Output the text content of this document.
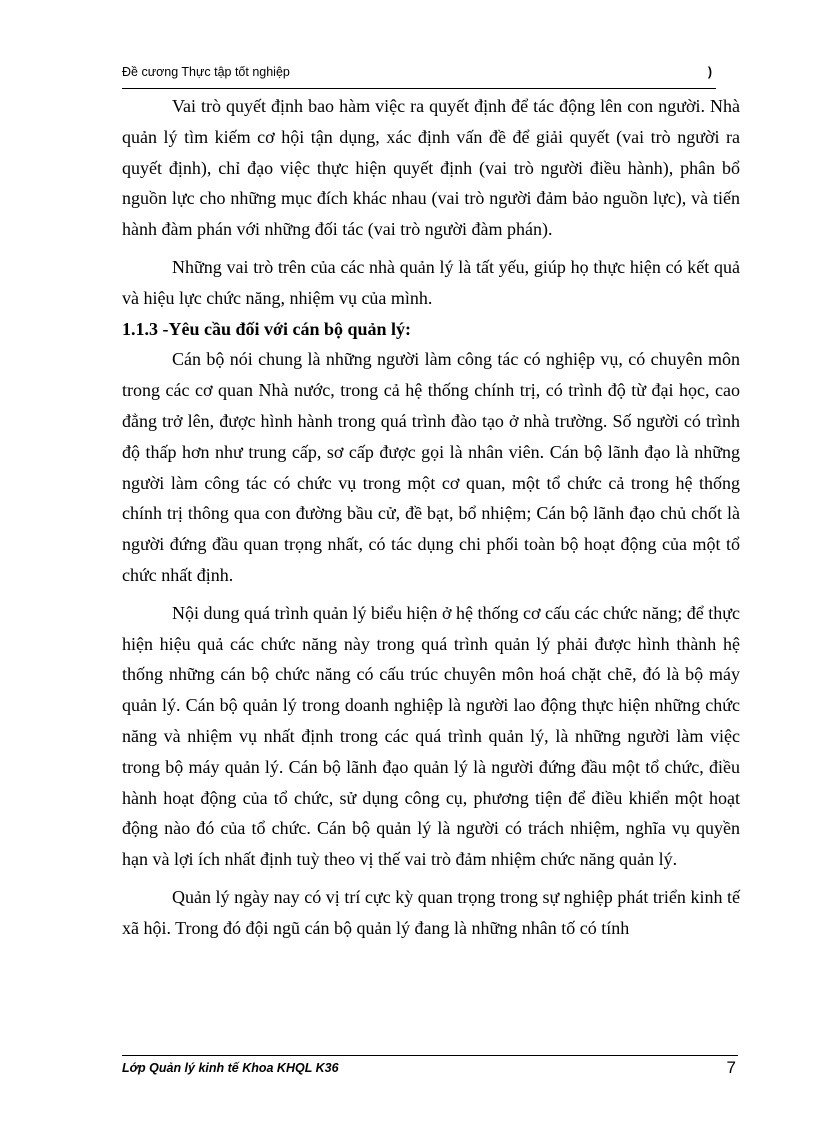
Đề cương Thực tập tốt nghiệp	)

Vai trò quyết định bao hàm việc ra quyết định để tác động lên con người. Nhà quản lý tìm kiếm cơ hội tận dụng, xác định vấn đề để giải quyết (vai trò người ra quyết định), chỉ đạo việc thực hiện quyết định (vai trò người điều hành), phân bổ nguồn lực cho những mục đích khác nhau (vai trò người đảm bảo nguồn lực), và tiến hành đàm phán với những đối tác (vai trò người đàm phán).

Những vai trò trên của các nhà quản lý là tất yếu, giúp họ thực hiện có kết quả và hiệu lực chức năng, nhiệm vụ của mình.

1.1.3 -Yêu cầu đối với cán bộ quản lý:

Cán bộ nói chung là những người làm công tác có nghiệp vụ, có chuyên môn trong các cơ quan Nhà nước, trong cả hệ thống chính trị, có trình độ từ đại học, cao đẳng trở lên, được hình hành trong quá trình đào tạo ở nhà trường. Số người có trình độ thấp hơn như trung cấp, sơ cấp được gọi là nhân viên. Cán bộ lãnh đạo là những người làm công tác có chức vụ trong một cơ quan, một tổ chức cả trong hệ thống chính trị thông qua con đường bầu cử, đề bạt, bổ nhiệm; Cán bộ lãnh đạo chủ chốt là người đứng đầu quan trọng nhất, có tác dụng chi phối toàn bộ hoạt động của một tổ chức nhất định.

Nội dung quá trình quản lý biểu hiện ở hệ thống cơ cấu các chức năng; để thực hiện hiệu quả các chức năng này trong quá trình quản lý phải được hình thành hệ thống những cán bộ chức năng có cấu trúc chuyên môn hoá chặt chẽ, đó là bộ máy quản lý. Cán bộ quản lý trong doanh nghiệp là người lao động thực hiện những chức năng và nhiệm vụ nhất định trong các quá trình quản lý, là những người làm việc trong bộ máy quản lý. Cán bộ lãnh đạo quản lý là người đứng đầu một tổ chức, điều hành hoạt động của tổ chức, sử dụng công cụ, phương tiện để điều khiển một hoạt động nào đó của tổ chức. Cán bộ quản lý là người có trách nhiệm, nghĩa vụ quyền hạn và lợi ích nhất định tuỳ theo vị thế vai trò đảm nhiệm chức năng quản lý.

Quản lý ngày nay có vị trí cực kỳ quan trọng trong sự nghiệp phát triển kinh tế xã hội. Trong đó đội ngũ cán bộ quản lý đang là những nhân tố có tính

Lớp Quản lý kinh tế Khoa KHQL K36	7
